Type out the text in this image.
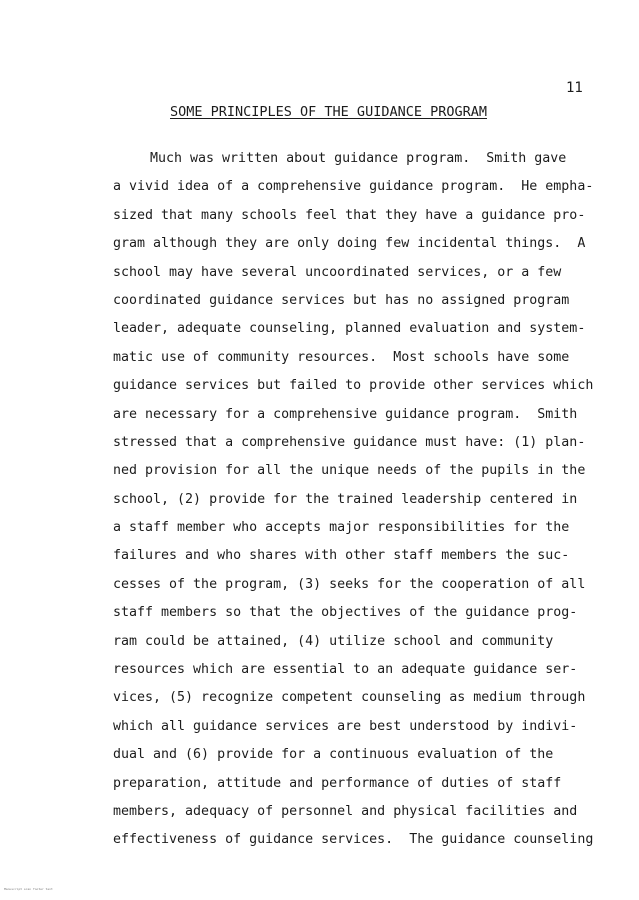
11
SOME PRINCIPLES OF THE GUIDANCE PROGRAM
Much was written about guidance program.  Smith gave
a vivid idea of a comprehensive guidance program.  He empha-
sized that many schools feel that they have a guidance pro-
gram although they are only doing few incidental things.  A
school may have several uncoordinated services, or a few
coordinated guidance services but has no assigned program
leader, adequate counseling, planned evaluation and system-
matic use of community resources.  Most schools have some
guidance services but failed to provide other services which
are necessary for a comprehensive guidance program.  Smith
stressed that a comprehensive guidance must have: (1) plan-
ned provision for all the unique needs of the pupils in the
school, (2) provide for the trained leadership centered in
a staff member who accepts major responsibilities for the
failures and who shares with other staff members the suc-
cesses of the program, (3) seeks for the cooperation of all
staff members so that the objectives of the guidance prog-
ram could be attained, (4) utilize school and community
resources which are essential to an adequate guidance ser-
vices, (5) recognize competent counseling as medium through
which all guidance services are best understood by indivi-
dual and (6) provide for a continuous evaluation of the
preparation, attitude and performance of duties of staff
members, adequacy of personnel and physical facilities and
effectiveness of guidance services.  The guidance counseling
Manuscript scan footer text
